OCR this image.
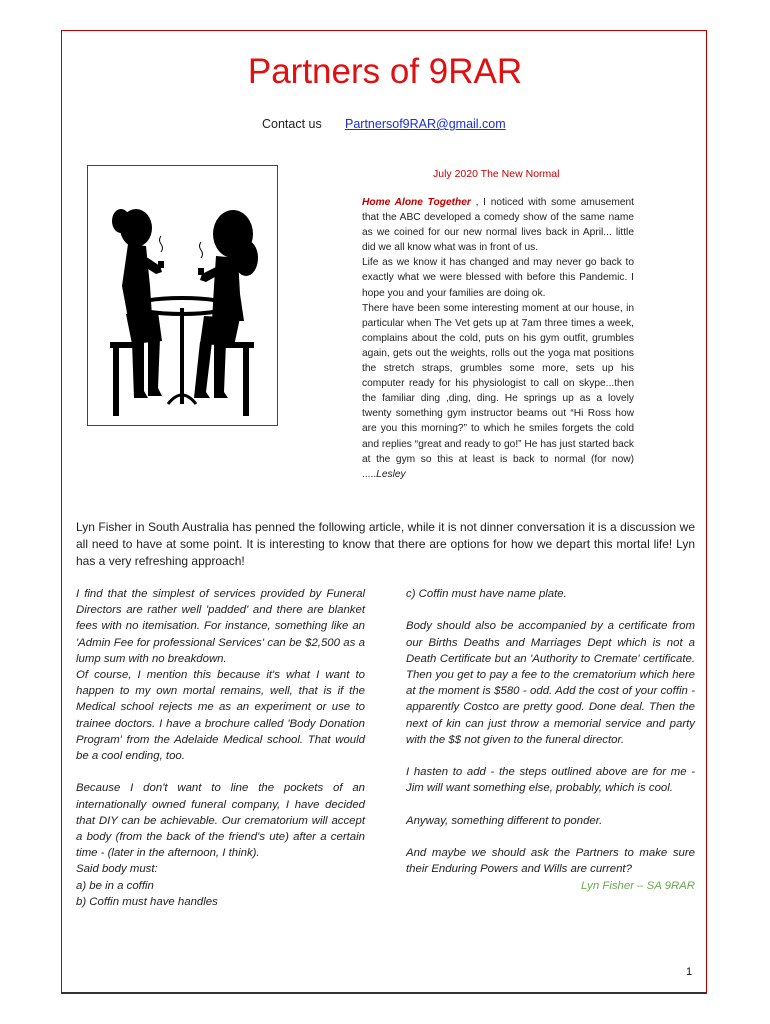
Partners of 9RAR
Contact us Partnersof9RAR@gmail.com
July 2020 The New Normal

Home Alone Together , I noticed with some amusement that the ABC developed a comedy show of the same name as we coined for our new normal lives back in April... little did we all know what was in front of us.

Life as we know it has changed and may never go back to exactly what we were blessed with before this Pandemic. I hope you and your families are doing ok.

There have been some interesting moment at our house, in particular when The Vet gets up at 7am three times a week, complains about the cold, puts on his gym outfit, grumbles again, gets out the weights, rolls out the yoga mat positions the stretch straps, grumbles some more, sets up his computer ready for his physiologist to call on skype...then the familiar ding ,ding, ding. He springs up as a lovely twenty something gym instructor beams out “Hi Ross how are you this morning?” to which he smiles forgets the cold and replies “great and ready to go!” He has just started back at the gym so this at least is back to normal (for now) .....Lesley

Lyn Fisher in South Australia has penned the following article, while it is not dinner conversation it is a discussion we all need to have at some point. It is interesting to know that there are options for how we depart this mortal life! Lyn has a very refreshing approach!

I find that the simplest of services provided by Funeral Directors are rather well 'padded' and there are blanket fees with no itemisation. For instance, something like an 'Admin Fee for professional Services' can be $2,500 as a lump sum with no breakdown.

Of course, I mention this because it's what I want to happen to my own mortal remains, well, that is if the Medical school rejects me as an experiment or use to trainee doctors. I have a brochure called 'Body Donation Program' from the Adelaide Medical school. That would be a cool ending, too.

Because I don't want to line the pockets of an internationally owned funeral company, I have decided that DIY can be achievable. Our crematorium will accept a body (from the back of the friend's ute) after a certain time - (later in the afternoon, I think).

Said body must:

a) be in a coffin

b) Coffin must have handles

c) Coffin must have name plate.

Body should also be accompanied by a certificate from our Births Deaths and Marriages Dept which is not a Death Certificate but an 'Authority to Cremate' certificate. Then you get to pay a fee to the crematorium which here at the moment is $580 - odd. Add the cost of your coffin - apparently Costco are pretty good. Done deal. Then the next of kin can just throw a memorial service and party with the $$ not given to the funeral director.

I hasten to add - the steps outlined above are for me - Jim will want something else, probably, which is cool.

Anyway, something different to ponder.

And maybe we should ask the Partners to make sure their Enduring Powers and Wills are current?

Lyn Fisher – SA 9RAR

1
